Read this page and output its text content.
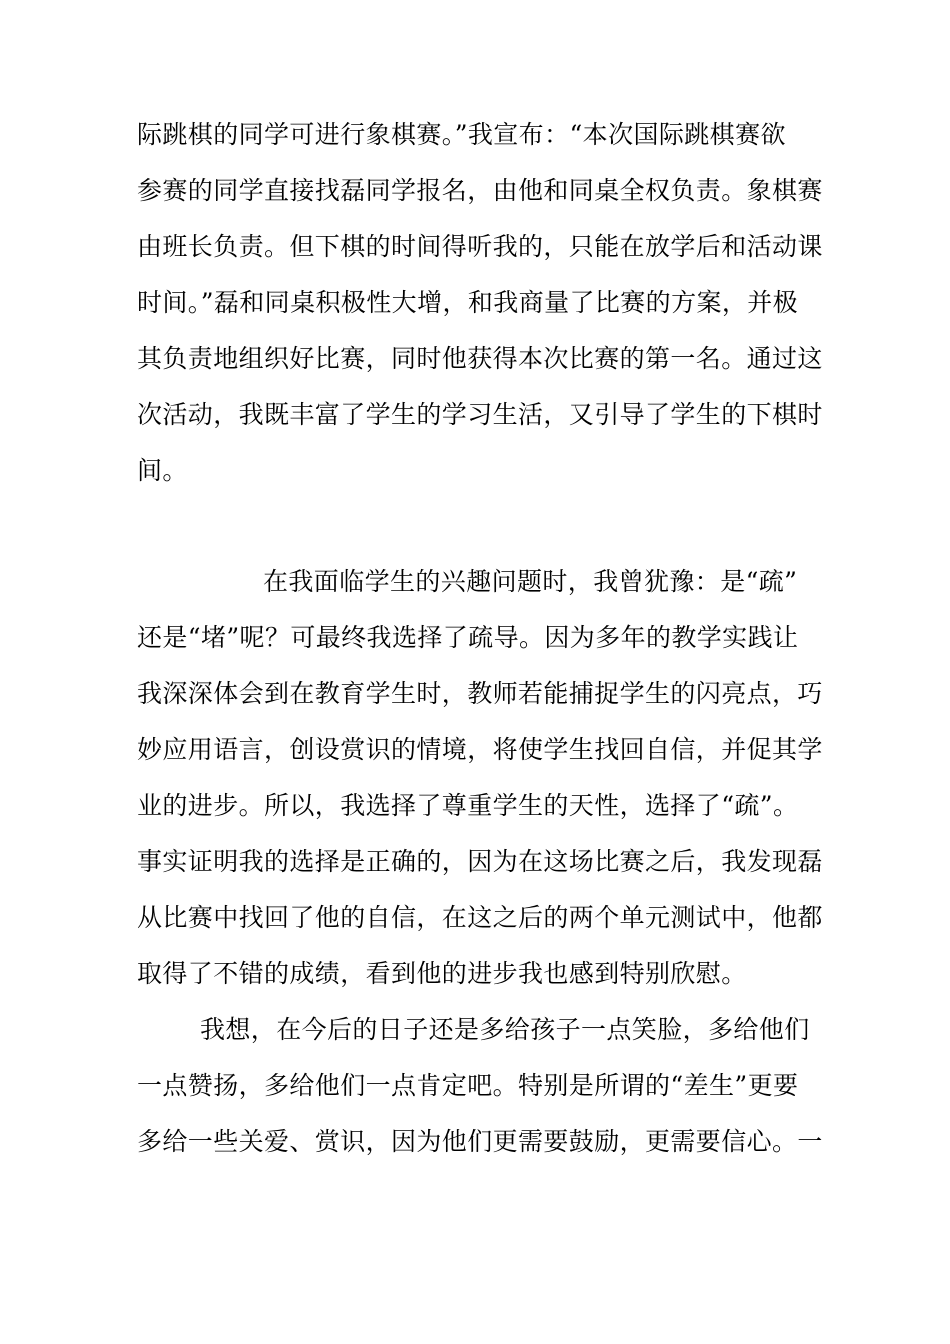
际跳棋的同学可进行象棋赛。”我宣布：“本次国际跳棋赛欲
参赛的同学直接找磊同学报名，由他和同桌全权负责。象棋赛
由班长负责。但下棋的时间得听我的，只能在放学后和活动课
时间。”磊和同桌积极性大增，和我商量了比赛的方案，并极
其负责地组织好比赛，同时他获得本次比赛的第一名。通过这
次活动，我既丰富了学生的学习生活，又引导了学生的下棋时
间。
在我面临学生的兴趣问题时，我曾犹豫：是“疏”
还是“堵”呢？可最终我选择了疏导。因为多年的教学实践让
我深深体会到在教育学生时，教师若能捕捉学生的闪亮点，巧
妙应用语言，创设赏识的情境，将使学生找回自信，并促其学
业的进步。所以，我选择了尊重学生的天性，选择了“疏”。
事实证明我的选择是正确的，因为在这场比赛之后，我发现磊
从比赛中找回了他的自信，在这之后的两个单元测试中，他都
取得了不错的成绩，看到他的进步我也感到特别欣慰。
我想，在今后的日子还是多给孩子一点笑脸，多给他们
一点赞扬，多给他们一点肯定吧。特别是所谓的“差生”更要
多给一些关爱、赏识，因为他们更需要鼓励，更需要信心。一
